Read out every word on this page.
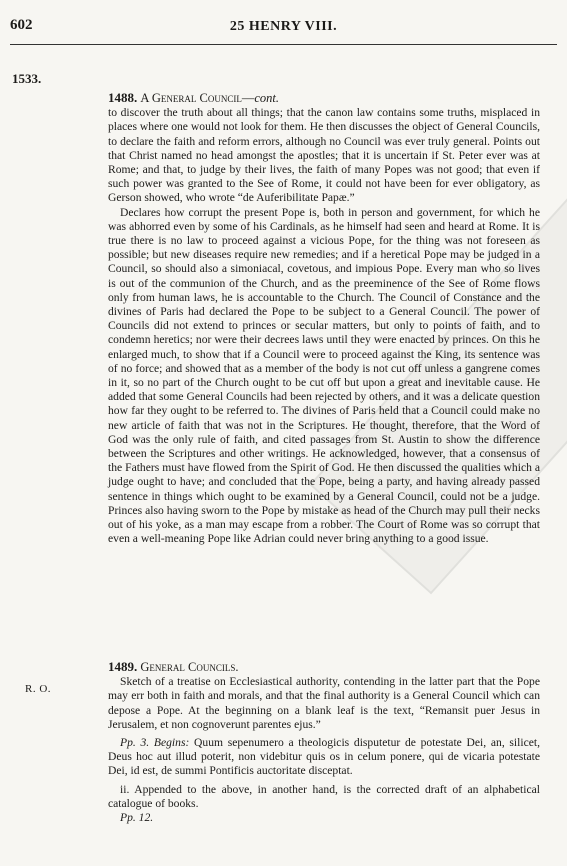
602	25 HENRY VIII.
1533.
1488. A General Council—cont.

to discover the truth about all things; that the canon law contains some truths, misplaced in places where one would not look for them. He then discusses the object of General Councils, to declare the faith and reform errors, although no Council was ever truly general. Points out that Christ named no head amongst the apostles; that it is uncertain if St. Peter ever was at Rome; and that, to judge by their lives, the faith of many Popes was not good; that even if such power was granted to the See of Rome, it could not have been for ever obligatory, as Gerson showed, who wrote “de Auferibilitate Papæ.”

Declares how corrupt the present Pope is, both in person and government, for which he was abhorred even by some of his Cardinals, as he himself had seen and heard at Rome. It is true there is no law to proceed against a vicious Pope, for the thing was not foreseen as possible; but new diseases require new remedies; and if a heretical Pope may be judged in a Council, so should also a simoniacal, covetous, and impious Pope. Every man who so lives is out of the communion of the Church, and as the preeminence of the See of Rome flows only from human laws, he is accountable to the Church. The Council of Constance and the divines of Paris had declared the Pope to be subject to a General Council. The power of Councils did not extend to princes or secular matters, but only to points of faith, and to condemn heretics; nor were their decrees laws until they were enacted by princes. On this he enlarged much, to show that if a Council were to proceed against the King, its sentence was of no force; and showed that as a member of the body is not cut off unless a gangrene comes in it, so no part of the Church ought to be cut off but upon a great and inevitable cause. He added that some General Councils had been rejected by others, and it was a delicate question how far they ought to be referred to. The divines of Paris held that a Council could make no new article of faith that was not in the Scriptures. He thought, therefore, that the Word of God was the only rule of faith, and cited passages from St. Austin to show the difference between the Scriptures and other writings. He acknowledged, however, that a consensus of the Fathers must have flowed from the Spirit of God. He then discussed the qualities which a judge ought to have; and concluded that the Pope, being a party, and having already passed sentence in things which ought to be examined by a General Council, could not be a judge. Princes also having sworn to the Pope by mistake as head of the Church may pull their necks out of his yoke, as a man may escape from a robber. The Court of Rome was so corrupt that even a well-meaning Pope like Adrian could never bring anything to a good issue.

R. O.
1489. General Councils.

Sketch of a treatise on Ecclesiastical authority, contending in the latter part that the Pope may err both in faith and morals, and that the final authority is a General Council which can depose a Pope. At the beginning on a blank leaf is the text, “Remansit puer Jesus in Jerusalem, et non cognoverunt parentes ejus.”

Pp. 3. Begins: Quum sepenumero a theologicis disputetur de potestate Dei, an, silicet, Deus hoc aut illud poterit, non videbitur quis os in celum ponere, qui de vicaria potestate Dei, id est, de summi Pontificis auctoritate disceptat.

ii. Appended to the above, in another hand, is the corrected draft of an alphabetical catalogue of books.

Pp. 12.
